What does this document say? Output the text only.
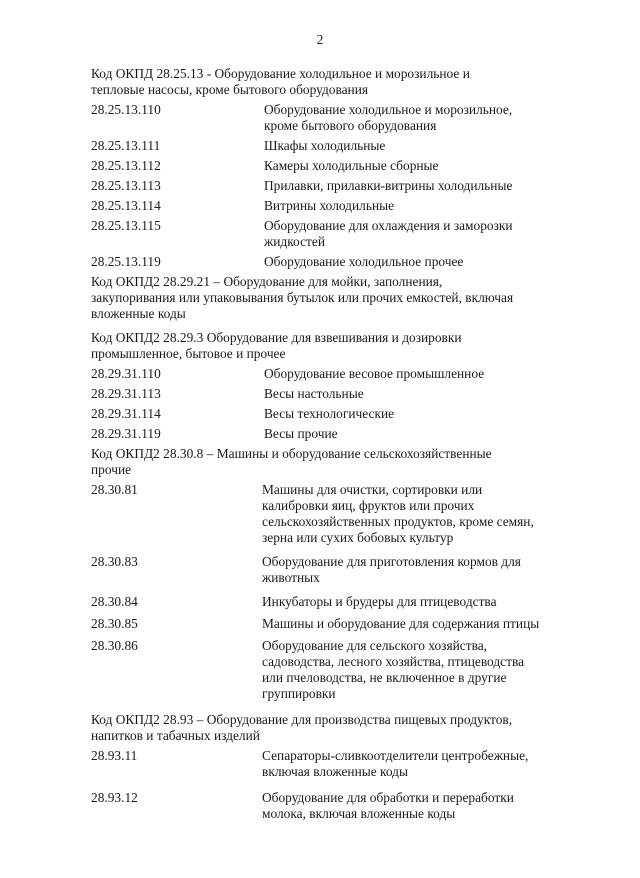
2
Код ОКПД 28.25.13 - Оборудование холодильное и морозильное и
тепловые насосы, кроме бытового оборудования
28.25.13.110	Оборудование холодильное и морозильное,
кроме бытового оборудования
28.25.13.111	Шкафы холодильные
28.25.13.112	Камеры холодильные сборные
28.25.13.113	Прилавки, прилавки-витрины холодильные
28.25.13.114	Витрины холодильные
28.25.13.115	Оборудование для охлаждения и заморозки
жидкостей
28.25.13.119	Оборудование холодильное прочее
Код ОКПД2 28.29.21 – Оборудование для мойки, заполнения,
закупоривания или упаковывания бутылок или прочих емкостей, включая
вложенные коды
Код ОКПД2 28.29.3 Оборудование для взвешивания и дозировки
промышленное, бытовое и прочее
28.29.31.110	Оборудование весовое промышленное
28.29.31.113	Весы настольные
28.29.31.114	Весы технологические
28.29.31.119	Весы прочие
Код ОКПД2 28.30.8 – Машины и оборудование сельскохозяйственные
прочие
28.30.81	Машины для очистки, сортировки или
калибровки яиц, фруктов или прочих
сельскохозяйственных продуктов, кроме семян,
зерна или сухих бобовых культур
28.30.83	Оборудование для приготовления кормов для
животных
28.30.84	Инкубаторы и брудеры для птицеводства
28.30.85	Машины и оборудование для содержания птицы
28.30.86	Оборудование для сельского хозяйства,
садоводства, лесного хозяйства, птицеводства
или пчеловодства, не включенное в другие
группировки
Код ОКПД2 28.93 – Оборудование для производства пищевых продуктов,
напитков и табачных изделий
28.93.11	Сепараторы-сливкоотделители центробежные,
включая вложенные коды
28.93.12	Оборудование для обработки и переработки
молока, включая вложенные коды
